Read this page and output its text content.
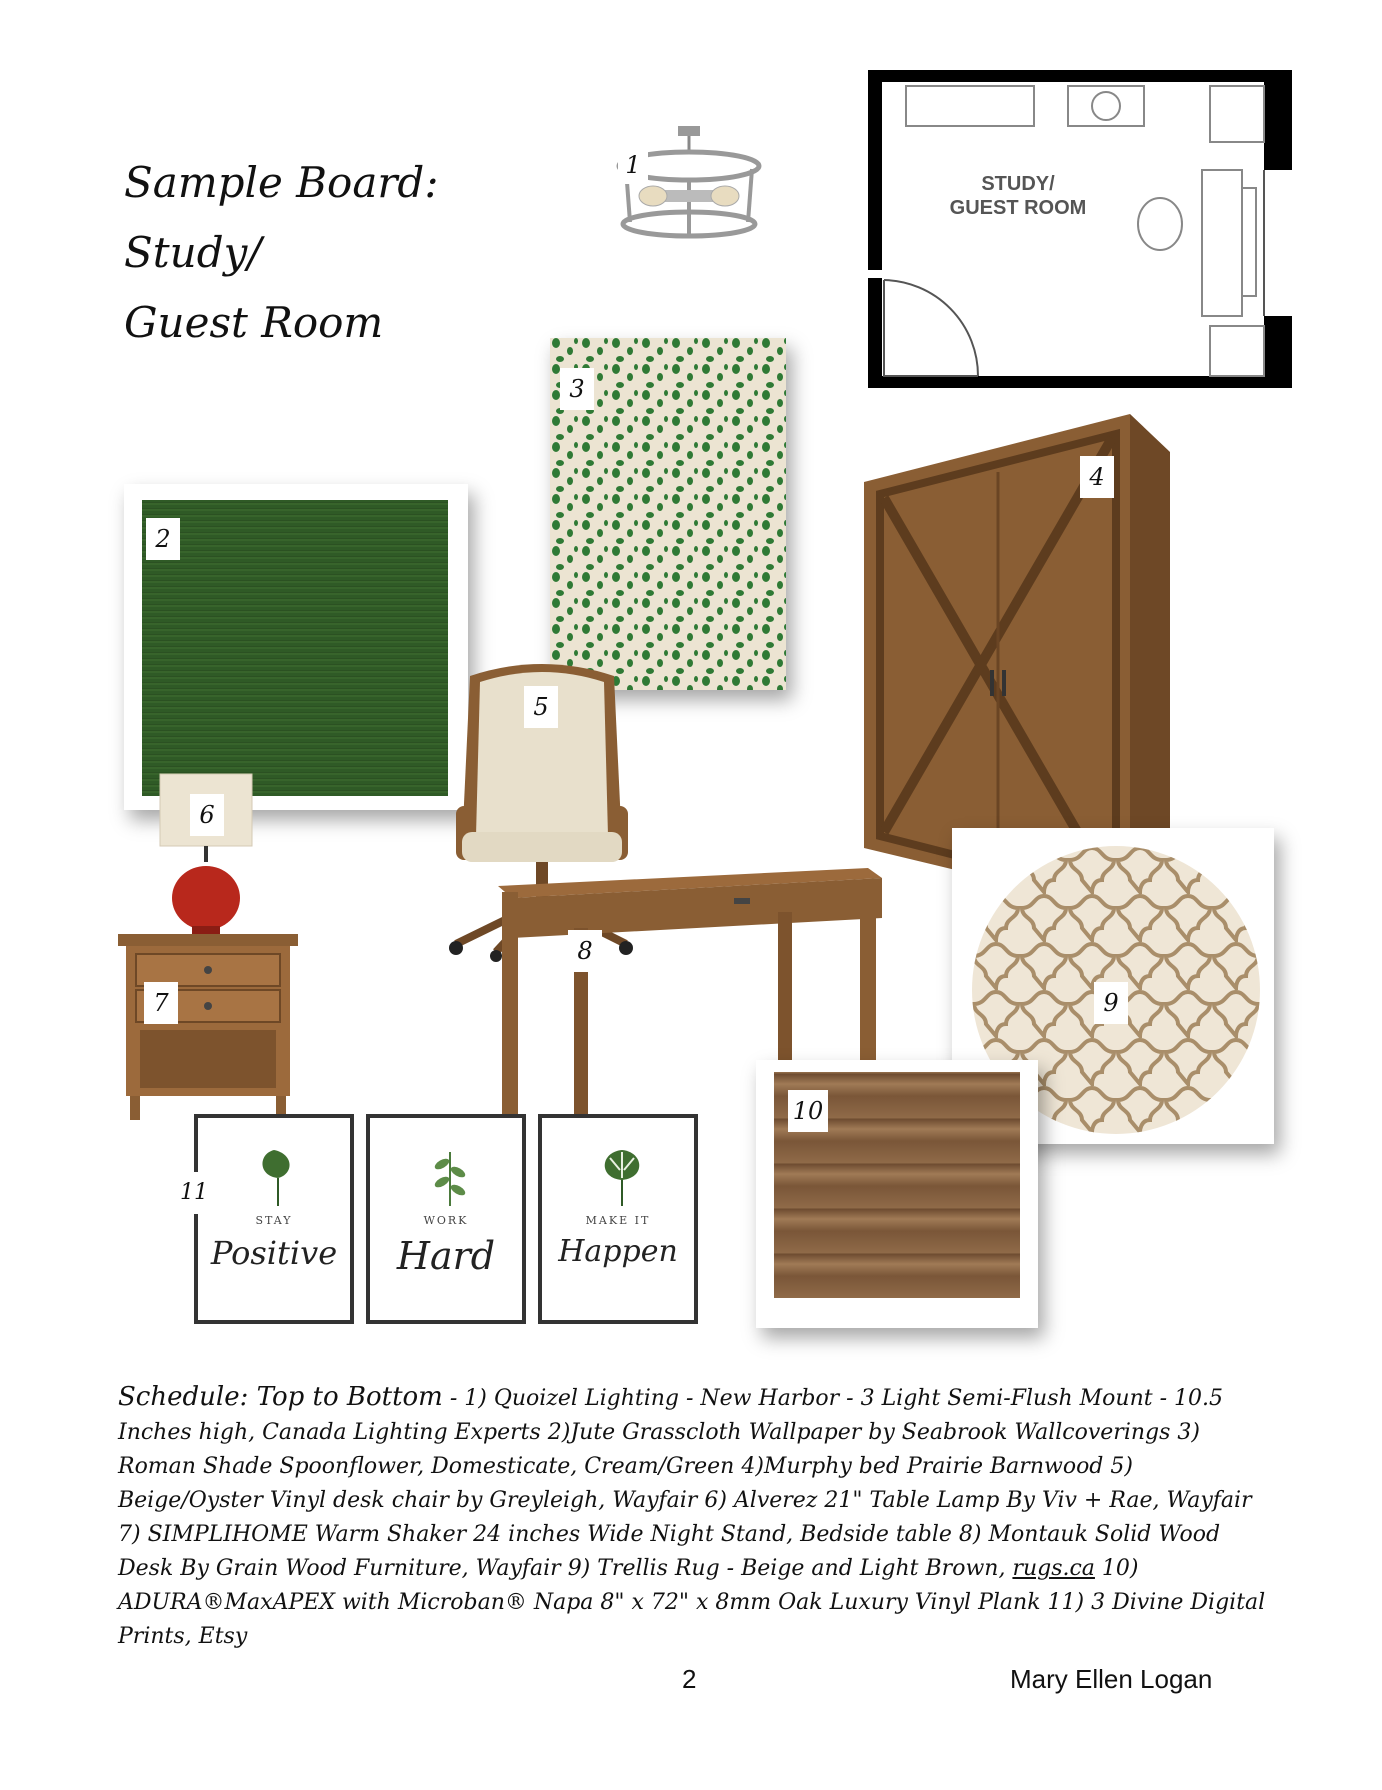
Sample Board:
Study/
Guest Room
1
STUDY/
GUEST ROOM
3
2
4
9
5
6
7
8
10
STAY
Positive
WORK
Hard
MAKE IT
Happen
11
Schedule: Top to Bottom - 1) Quoizel Lighting - New Harbor - 3 Light Semi-Flush Mount - 10.5 Inches high, Canada Lighting Experts 2)Jute Grasscloth Wallpaper by Seabrook Wallcoverings 3) Roman Shade Spoonflower, Domesticate, Cream/Green 4)Murphy bed Prairie Barnwood 5) Beige/Oyster Vinyl desk chair by Greyleigh, Wayfair 6) Alverez 21" Table Lamp By Viv + Rae, Wayfair 7) SIMPLIHOME Warm Shaker 24 inches Wide Night Stand, Bedside table 8) Montauk Solid Wood Desk By Grain Wood Furniture, Wayfair 9) Trellis Rug - Beige and Light Brown, rugs.ca 10) ADURA®MaxAPEX with Microban® Napa 8" x 72" x 8mm Oak Luxury Vinyl Plank 11) 3 Divine Digital Prints, Etsy
2	Mary Ellen Logan
